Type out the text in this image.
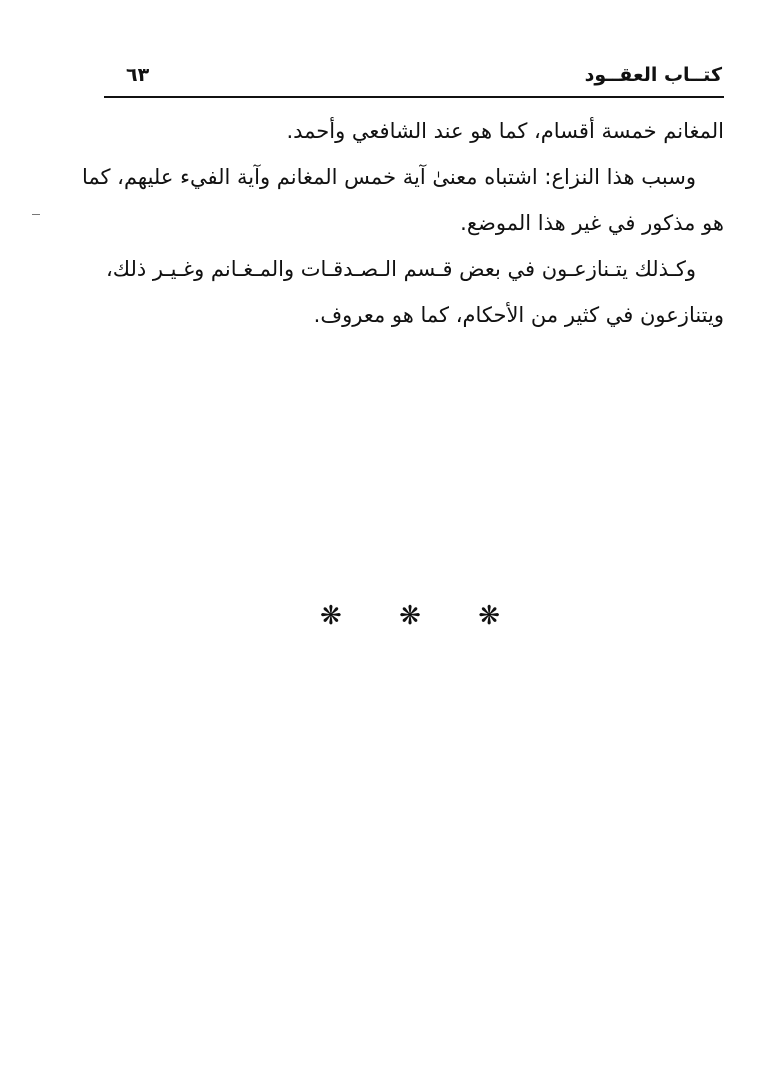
كتــاب العقــود
٦٣

المغانم خمسة أقسام، كما هو عند الشافعي وأحمد.

وسبب هذا النزاع: اشتباه معنىٰ آية خمس المغانم وآية الفيء عليهم، كما
هو مذكور في غير هذا الموضع.

وكـذلك يتـنازعـون في بعض قـسم الـصـدقـات والمـغـانم وغـيـر ذلك،
ويتنازعون في كثير من الأحكام، كما هو معروف.

❋ ❋ ❋
